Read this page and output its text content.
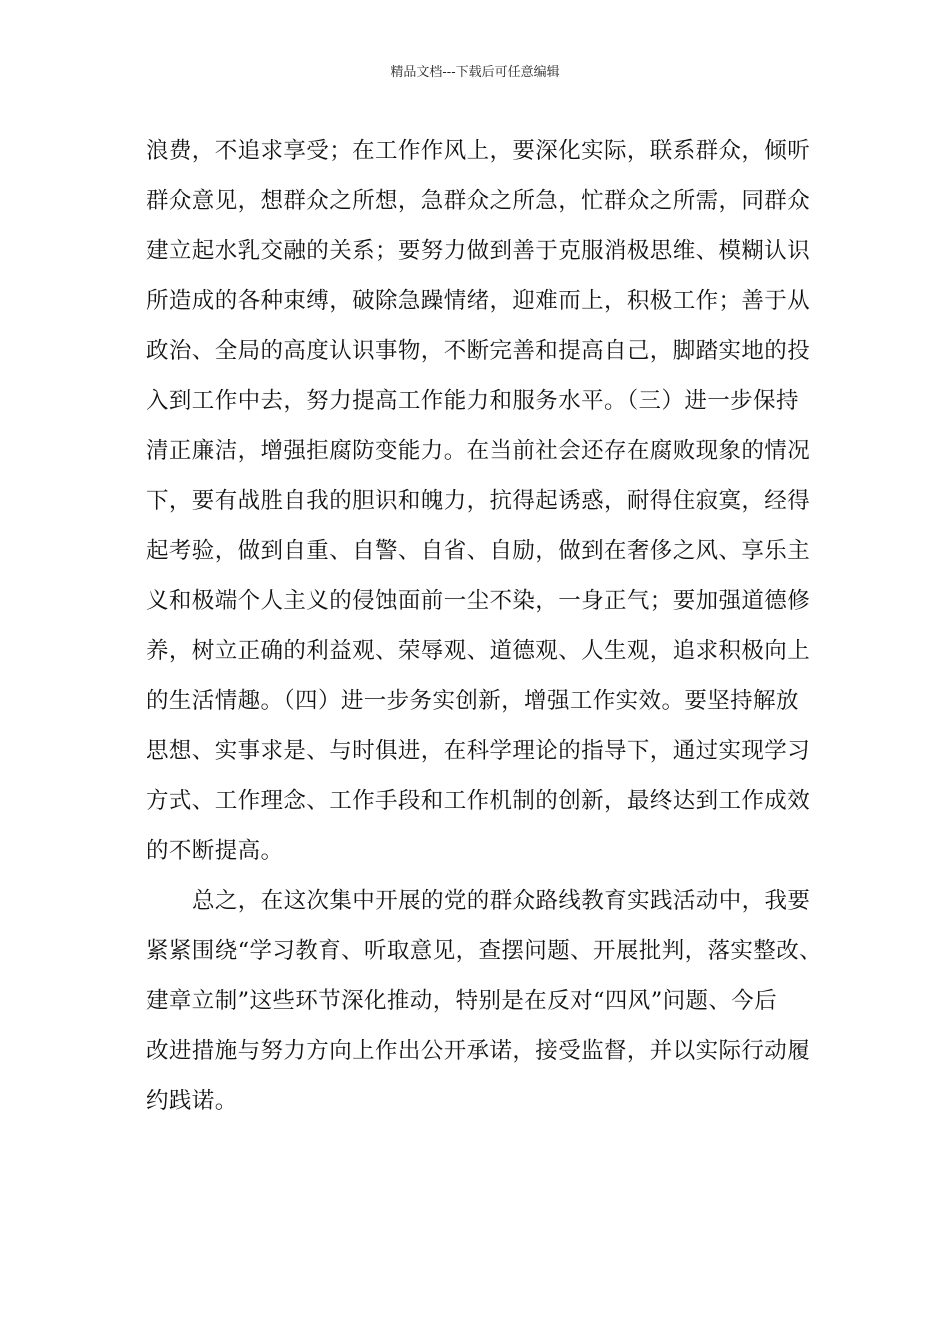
精品文档---下载后可任意编辑
浪费，不追求享受；在工作作风上，要深化实际，联系群众，倾听
群众意见，想群众之所想，急群众之所急，忙群众之所需，同群众
建立起水乳交融的关系；要努力做到善于克服消极思维、模糊认识
所造成的各种束缚，破除急躁情绪，迎难而上，积极工作；善于从
政治、全局的高度认识事物，不断完善和提高自己，脚踏实地的投
入到工作中去，努力提高工作能力和服务水平。（三）进一步保持
清正廉洁，增强拒腐防变能力。在当前社会还存在腐败现象的情况
下，要有战胜自我的胆识和魄力，抗得起诱惑，耐得住寂寞，经得
起考验，做到自重、自警、自省、自励，做到在奢侈之风、享乐主
义和极端个人主义的侵蚀面前一尘不染，一身正气；要加强道德修
养，树立正确的利益观、荣辱观、道德观、人生观，追求积极向上
的生活情趣。（四）进一步务实创新，增强工作实效。要坚持解放
思想、实事求是、与时俱进，在科学理论的指导下，通过实现学习
方式、工作理念、工作手段和工作机制的创新，最终达到工作成效
的不断提高。
总之，在这次集中开展的党的群众路线教育实践活动中，我要
紧紧围绕“学习教育、听取意见，查摆问题、开展批判，落实整改、
建章立制”这些环节深化推动，特别是在反对“四风”问题、今后
改进措施与努力方向上作出公开承诺，接受监督，并以实际行动履
约践诺。
